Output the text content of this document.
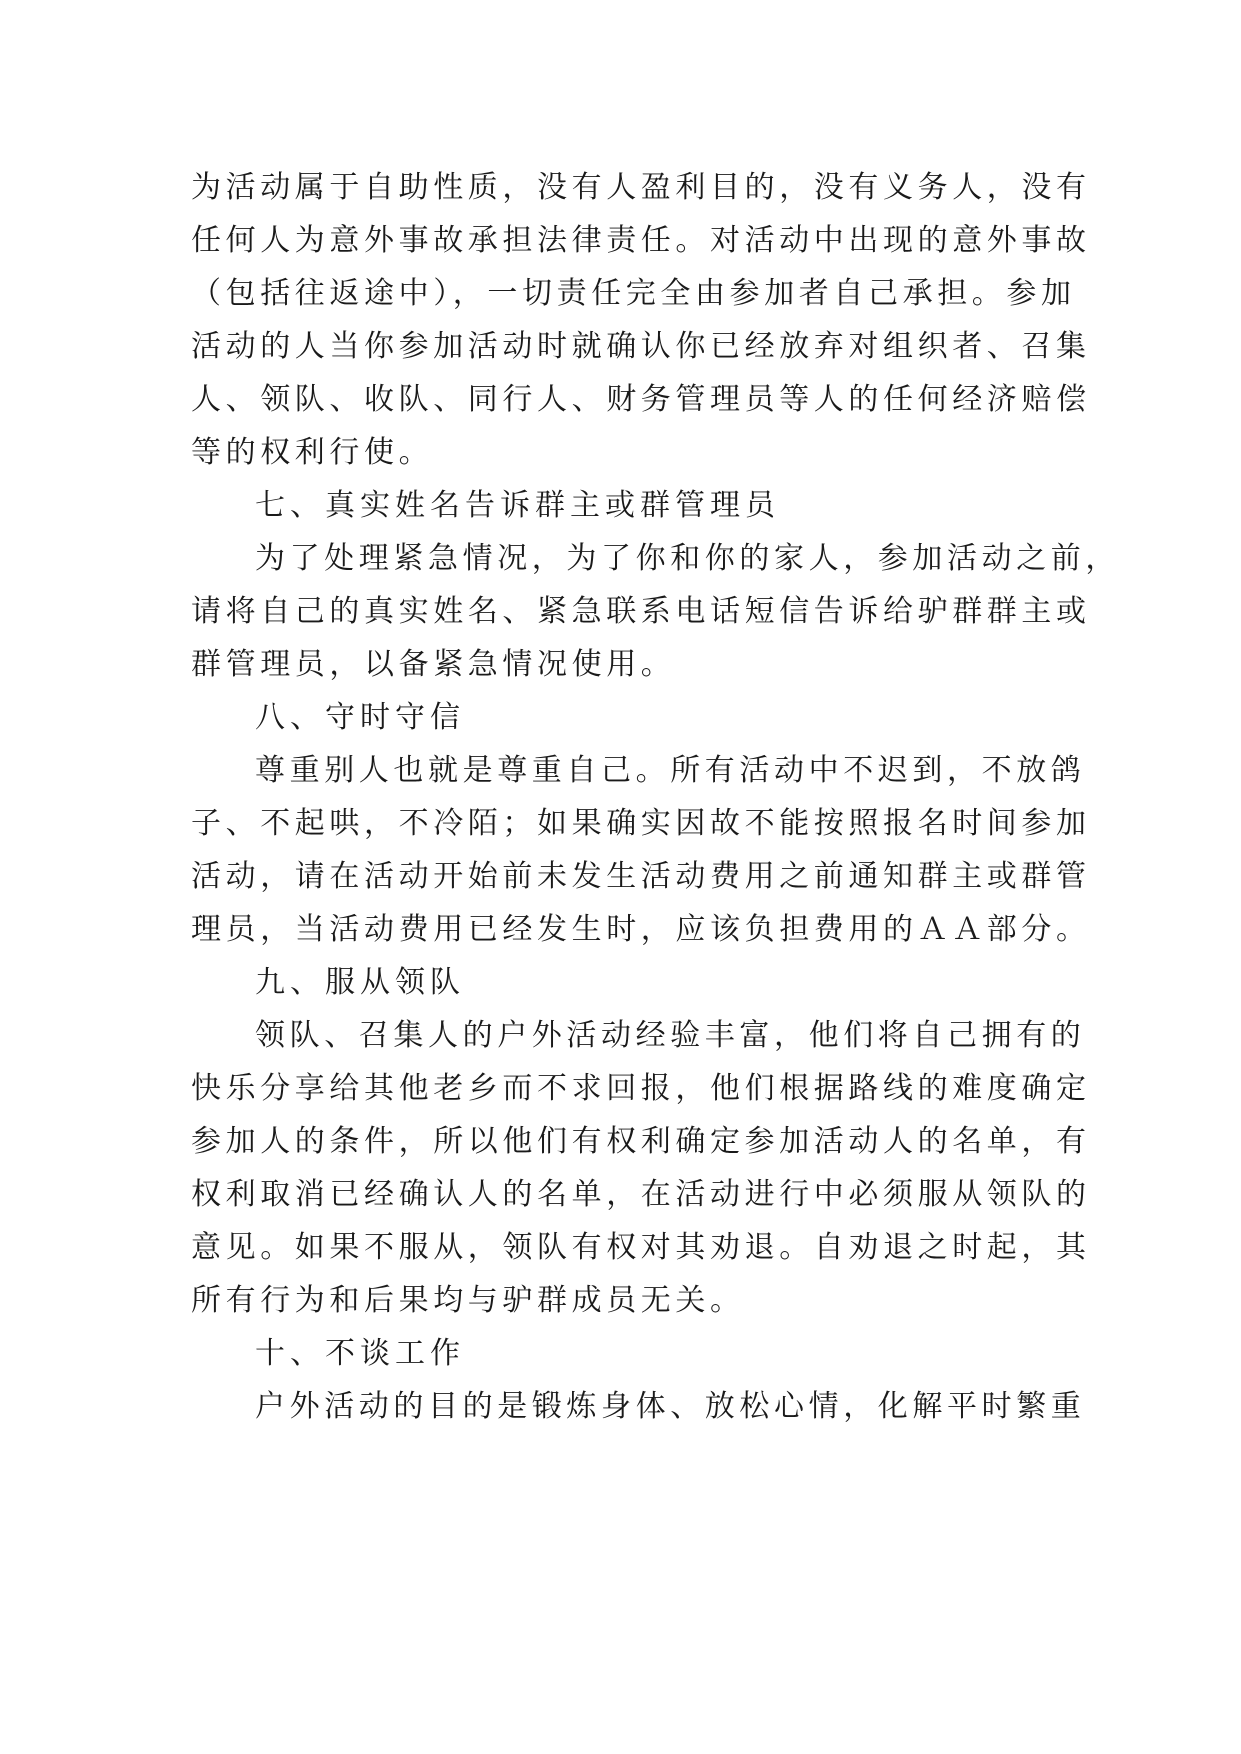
为活动属于自助性质，没有人盈利目的，没有义务人，没有
任何人为意外事故承担法律责任。对活动中出现的意外事故
（包括往返途中），一切责任完全由参加者自己承担。参加
活动的人当你参加活动时就确认你已经放弃对组织者、召集
人、领队、收队、同行人、财务管理员等人的任何经济赔偿
等的权利行使。
七、真实姓名告诉群主或群管理员
为了处理紧急情况，为了你和你的家人，参加活动之前，
请将自己的真实姓名、紧急联系电话短信告诉给驴群群主或
群管理员，以备紧急情况使用。
八、守时守信
尊重别人也就是尊重自己。所有活动中不迟到，不放鸽
子、不起哄，不冷陌；如果确实因故不能按照报名时间参加
活动，请在活动开始前未发生活动费用之前通知群主或群管
理员，当活动费用已经发生时，应该负担费用的ＡＡ部分。
九、服从领队
领队、召集人的户外活动经验丰富，他们将自己拥有的
快乐分享给其他老乡而不求回报，他们根据路线的难度确定
参加人的条件，所以他们有权利确定参加活动人的名单，有
权利取消已经确认人的名单，在活动进行中必须服从领队的
意见。如果不服从，领队有权对其劝退。自劝退之时起，其
所有行为和后果均与驴群成员无关。
十、不谈工作
户外活动的目的是锻炼身体、放松心情，化解平时繁重
